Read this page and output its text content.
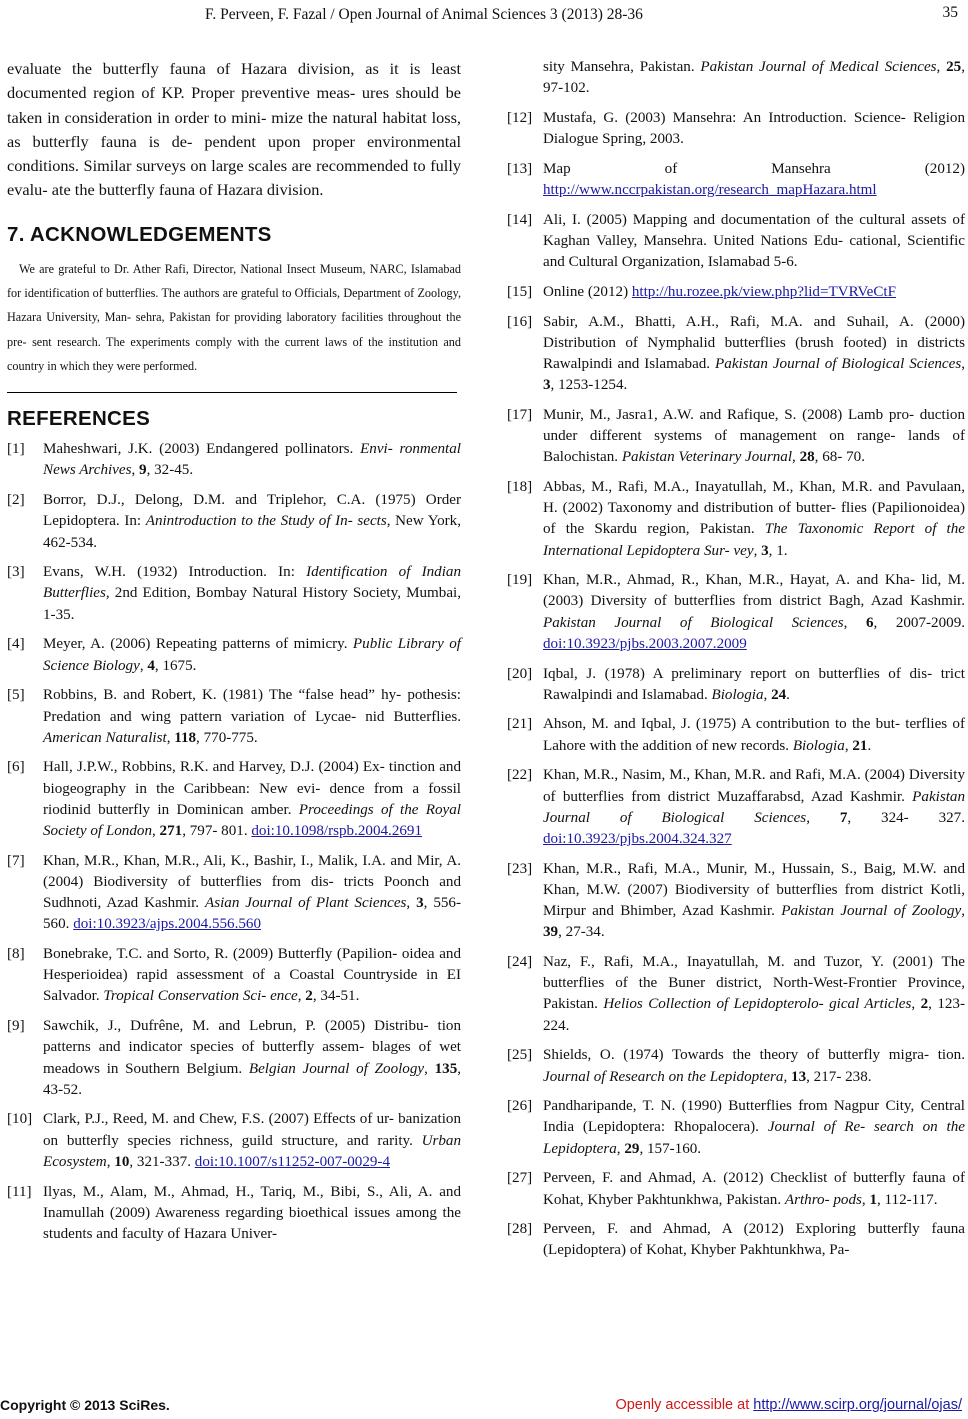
F. Perveen, F. Fazal / Open Journal of Animal Sciences 3 (2013) 28-36	35

evaluate the butterfly fauna of Hazara division, as it is least documented region of KP. Proper preventive meas- ures should be taken in consideration in order to mini- mize the natural habitat loss, as butterfly fauna is de- pendent upon proper environmental conditions. Similar surveys on large scales are recommended to fully evalu- ate the butterfly fauna of Hazara division.

7. ACKNOWLEDGEMENTS

We are grateful to Dr. Ather Rafi, Director, National Insect Museum, NARC, Islamabad for identification of butterflies. The authors are grateful to Officials, Department of Zoology, Hazara University, Man- sehra, Pakistan for providing laboratory facilities throughout the pre- sent research. The experiments comply with the current laws of the institution and country in which they were performed.

REFERENCES
[1]	Maheshwari, J.K. (2003) Endangered pollinators. Envi- ronmental News Archives, 9, 32-45.
[2]	Borror, D.J., Delong, D.M. and Triplehor, C.A. (1975) Order Lepidoptera. In: Anintroduction to the Study of In- sects, New York, 462-534.
[3]	Evans, W.H. (1932) Introduction. In: Identification of Indian Butterflies, 2nd Edition, Bombay Natural History Society, Mumbai, 1-35.
[4]	Meyer, A. (2006) Repeating patterns of mimicry. Public Library of Science Biology, 4, 1675.
[5]	Robbins, B. and Robert, K. (1981) The “false head” hy- pothesis: Predation and wing pattern variation of Lycae- nid Butterflies. American Naturalist, 118, 770-775.
[6]	Hall, J.P.W., Robbins, R.K. and Harvey, D.J. (2004) Ex- tinction and biogeography in the Caribbean: New evi- dence from a fossil riodinid butterfly in Dominican amber. Proceedings of the Royal Society of London, 271, 797- 801. doi:10.1098/rspb.2004.2691
[7]	Khan, M.R., Khan, M.R., Ali, K., Bashir, I., Malik, I.A. and Mir, A. (2004) Biodiversity of butterflies from dis- tricts Poonch and Sudhnoti, Azad Kashmir. Asian Journal of Plant Sciences, 3, 556-560. doi:10.3923/ajps.2004.556.560
[8]	Bonebrake, T.C. and Sorto, R. (2009) Butterfly (Papilion- oidea and Hesperioidea) rapid assessment of a Coastal Countryside in EI Salvador. Tropical Conservation Sci- ence, 2, 34-51.
[9]	Sawchik, J., Dufrêne, M. and Lebrun, P. (2005) Distribu- tion patterns and indicator species of butterfly assem- blages of wet meadows in Southern Belgium. Belgian Journal of Zoology, 135, 43-52.
[10] Clark, P.J., Reed, M. and Chew, F.S. (2007) Effects of ur- banization on butterfly species richness, guild structure, and rarity. Urban Ecosystem, 10, 321-337. doi:10.1007/s11252-007-0029-4
[11] Ilyas, M., Alam, M., Ahmad, H., Tariq, M., Bibi, S., Ali, A. and Inamullah (2009) Awareness regarding bioethical issues among the students and faculty of Hazara Univer-
sity Mansehra, Pakistan. Pakistan Journal of Medical Sciences, 25, 97-102.
[12] Mustafa, G. (2003) Mansehra: An Introduction. Science- Religion Dialogue Spring, 2003.
[13] Map of Mansehra (2012) http://www.nccrpakistan.org/research_mapHazara.html
[14] Ali, I. (2005) Mapping and documentation of the cultural assets of Kaghan Valley, Mansehra. United Nations Edu- cational, Scientific and Cultural Organization, Islamabad 5-6.
[15] Online (2012) http://hu.rozee.pk/view.php?lid=TVRVeCtF
[16] Sabir, A.M., Bhatti, A.H., Rafi, M.A. and Suhail, A. (2000) Distribution of Nymphalid butterflies (brush footed) in districts Rawalpindi and Islamabad. Pakistan Journal of Biological Sciences, 3, 1253-1254.
[17] Munir, M., Jasra1, A.W. and Rafique, S. (2008) Lamb pro- duction under different systems of management on range- lands of Balochistan. Pakistan Veterinary Journal, 28, 68- 70.
[18] Abbas, M., Rafi, M.A., Inayatullah, M., Khan, M.R. and Pavulaan, H. (2002) Taxonomy and distribution of butter- flies (Papilionoidea) of the Skardu region, Pakistan. The Taxonomic Report of the International Lepidoptera Sur- vey, 3, 1.
[19] Khan, M.R., Ahmad, R., Khan, M.R., Hayat, A. and Kha- lid, M. (2003) Diversity of butterflies from district Bagh, Azad Kashmir. Pakistan Journal of Biological Sciences, 6, 2007-2009. doi:10.3923/pjbs.2003.2007.2009
[20] Iqbal, J. (1978) A preliminary report on butterflies of dis- trict Rawalpindi and Islamabad. Biologia, 24.
[21] Ahson, M. and Iqbal, J. (1975) A contribution to the but- terflies of Lahore with the addition of new records. Biologia, 21.
[22] Khan, M.R., Nasim, M., Khan, M.R. and Rafi, M.A. (2004) Diversity of butterflies from district Muzaffarabsd, Azad Kashmir. Pakistan Journal of Biological Sciences, 7, 324- 327. doi:10.3923/pjbs.2004.324.327
[23] Khan, M.R., Rafi, M.A., Munir, M., Hussain, S., Baig, M.W. and Khan, M.W. (2007) Biodiversity of butterflies from district Kotli, Mirpur and Bhimber, Azad Kashmir. Pakistan Journal of Zoology, 39, 27-34.
[24] Naz, F., Rafi, M.A., Inayatullah, M. and Tuzor, Y. (2001) The butterflies of the Buner district, North-West-Frontier Province, Pakistan. Helios Collection of Lepidopterolo- gical Articles, 2, 123-224.
[25] Shields, O. (1974) Towards the theory of butterfly migra- tion. Journal of Research on the Lepidoptera, 13, 217- 238.
[26] Pandharipande, T. N. (1990) Butterflies from Nagpur City, Central India (Lepidoptera: Rhopalocera). Journal of Re- search on the Lepidoptera, 29, 157-160.
[27] Perveen, F. and Ahmad, A. (2012) Checklist of butterfly fauna of Kohat, Khyber Pakhtunkhwa, Pakistan. Arthro- pods, 1, 112-117.
[28] Perveen, F. and Ahmad, A (2012) Exploring butterfly fauna (Lepidoptera) of Kohat, Khyber Pakhtunkhwa, Pa-
Copyright © 2013 SciRes.	Openly accessible at http://www.scirp.org/journal/ojas/
